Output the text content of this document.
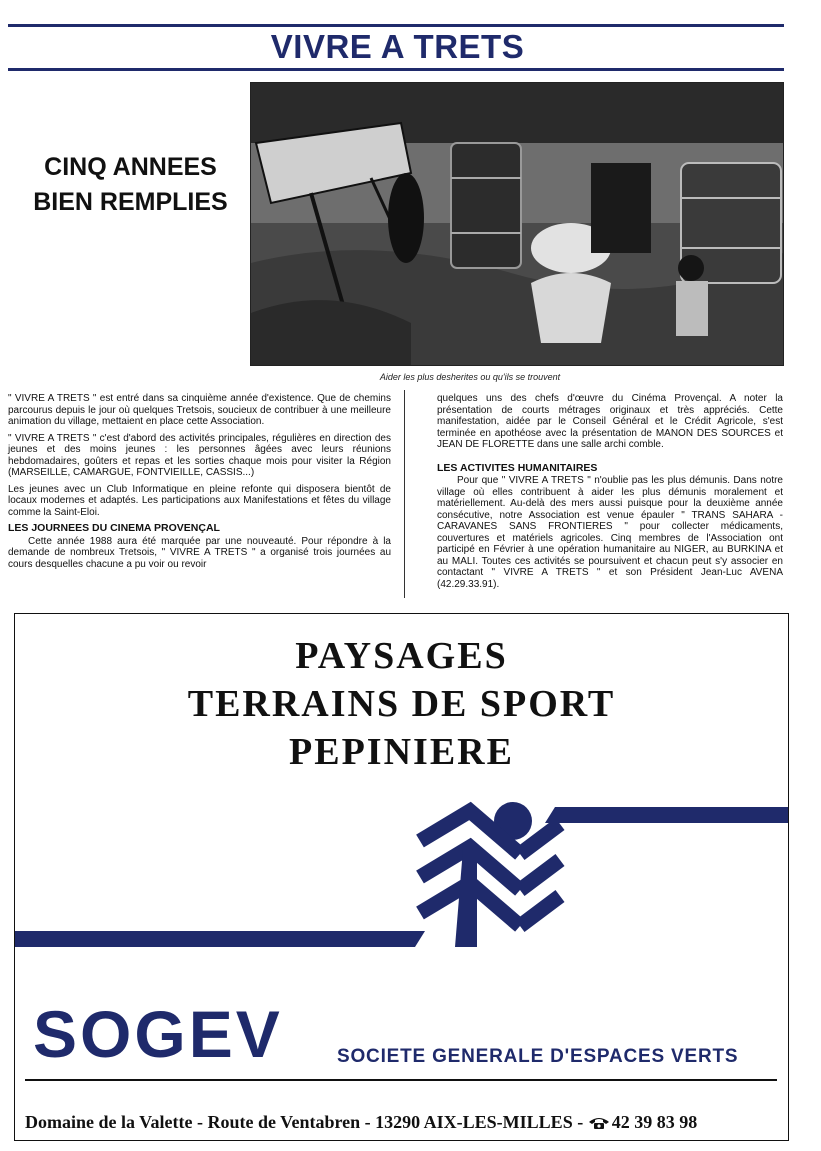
VIVRE A TRETS
CINQ ANNEES
BIEN REMPLIES
Aider les plus desherites ou qu'ils se trouvent

" VIVRE A TRETS " est entré dans sa cinquième année d'existence. Que de chemins parcourus depuis le jour où quelques Tretsois, soucieux de contribuer à une meilleure animation du village, mettaient en place cette Association.

" VIVRE A TRETS " c'est d'abord des activités principales, régulières en direction des jeunes et des moins jeunes : les personnes âgées avec leurs réunions hebdomadaires, goûters et repas et les sorties chaque mois pour visiter la Région (MARSEILLE, CAMARGUE, FONTVIEILLE, CASSIS...)

Les jeunes avec un Club Informatique en pleine refonte qui disposera bientôt de locaux modernes et adaptés. Les participations aux Manifestations et fêtes du village comme la Saint-Eloi.

LES JOURNEES DU CINEMA PROVENÇAL

Cette année 1988 aura été marquée par une nouveauté. Pour répondre à la demande de nombreux Tretsois, " VIVRE A TRETS " a organisé trois journées au cours desquelles chacune a pu voir ou revoir

quelques uns des chefs d'œuvre du Cinéma Provençal. A noter la présentation de courts métrages originaux et très appréciés. Cette manifestation, aidée par le Conseil Général et le Crédit Agricole, s'est terminée en apothéose avec la présentation de MANON DES SOURCES et JEAN DE FLORETTE dans une salle archi comble.

LES ACTIVITES HUMANITAIRES

Pour que " VIVRE A TRETS " n'oublie pas les plus démunis. Dans notre village où elles contribuent à aider les plus démunis moralement et matériellement. Au-delà des mers aussi puisque pour la deuxième année consécutive, notre Association est venue épauler " TRANS SAHARA - CARAVANES SANS FRONTIERES " pour collecter médicaments, couvertures et matériels agricoles. Cinq membres de l'Association ont participé en Février à une opération humanitaire au NIGER, au BURKINA et au MALI. Toutes ces activités se poursuivent et chacun peut s'y associer en contactant " VIVRE A TRETS " et son Président Jean-Luc AVENA (42.29.33.91).

PAYSAGES
TERRAINS DE SPORT
PEPINIERE
SOGEV	SOCIETE GENERALE D'ESPACES VERTS
Domaine de la Valette - Route de Ventabren - 13290 AIX-LES-MILLES - 42 39 83 98
